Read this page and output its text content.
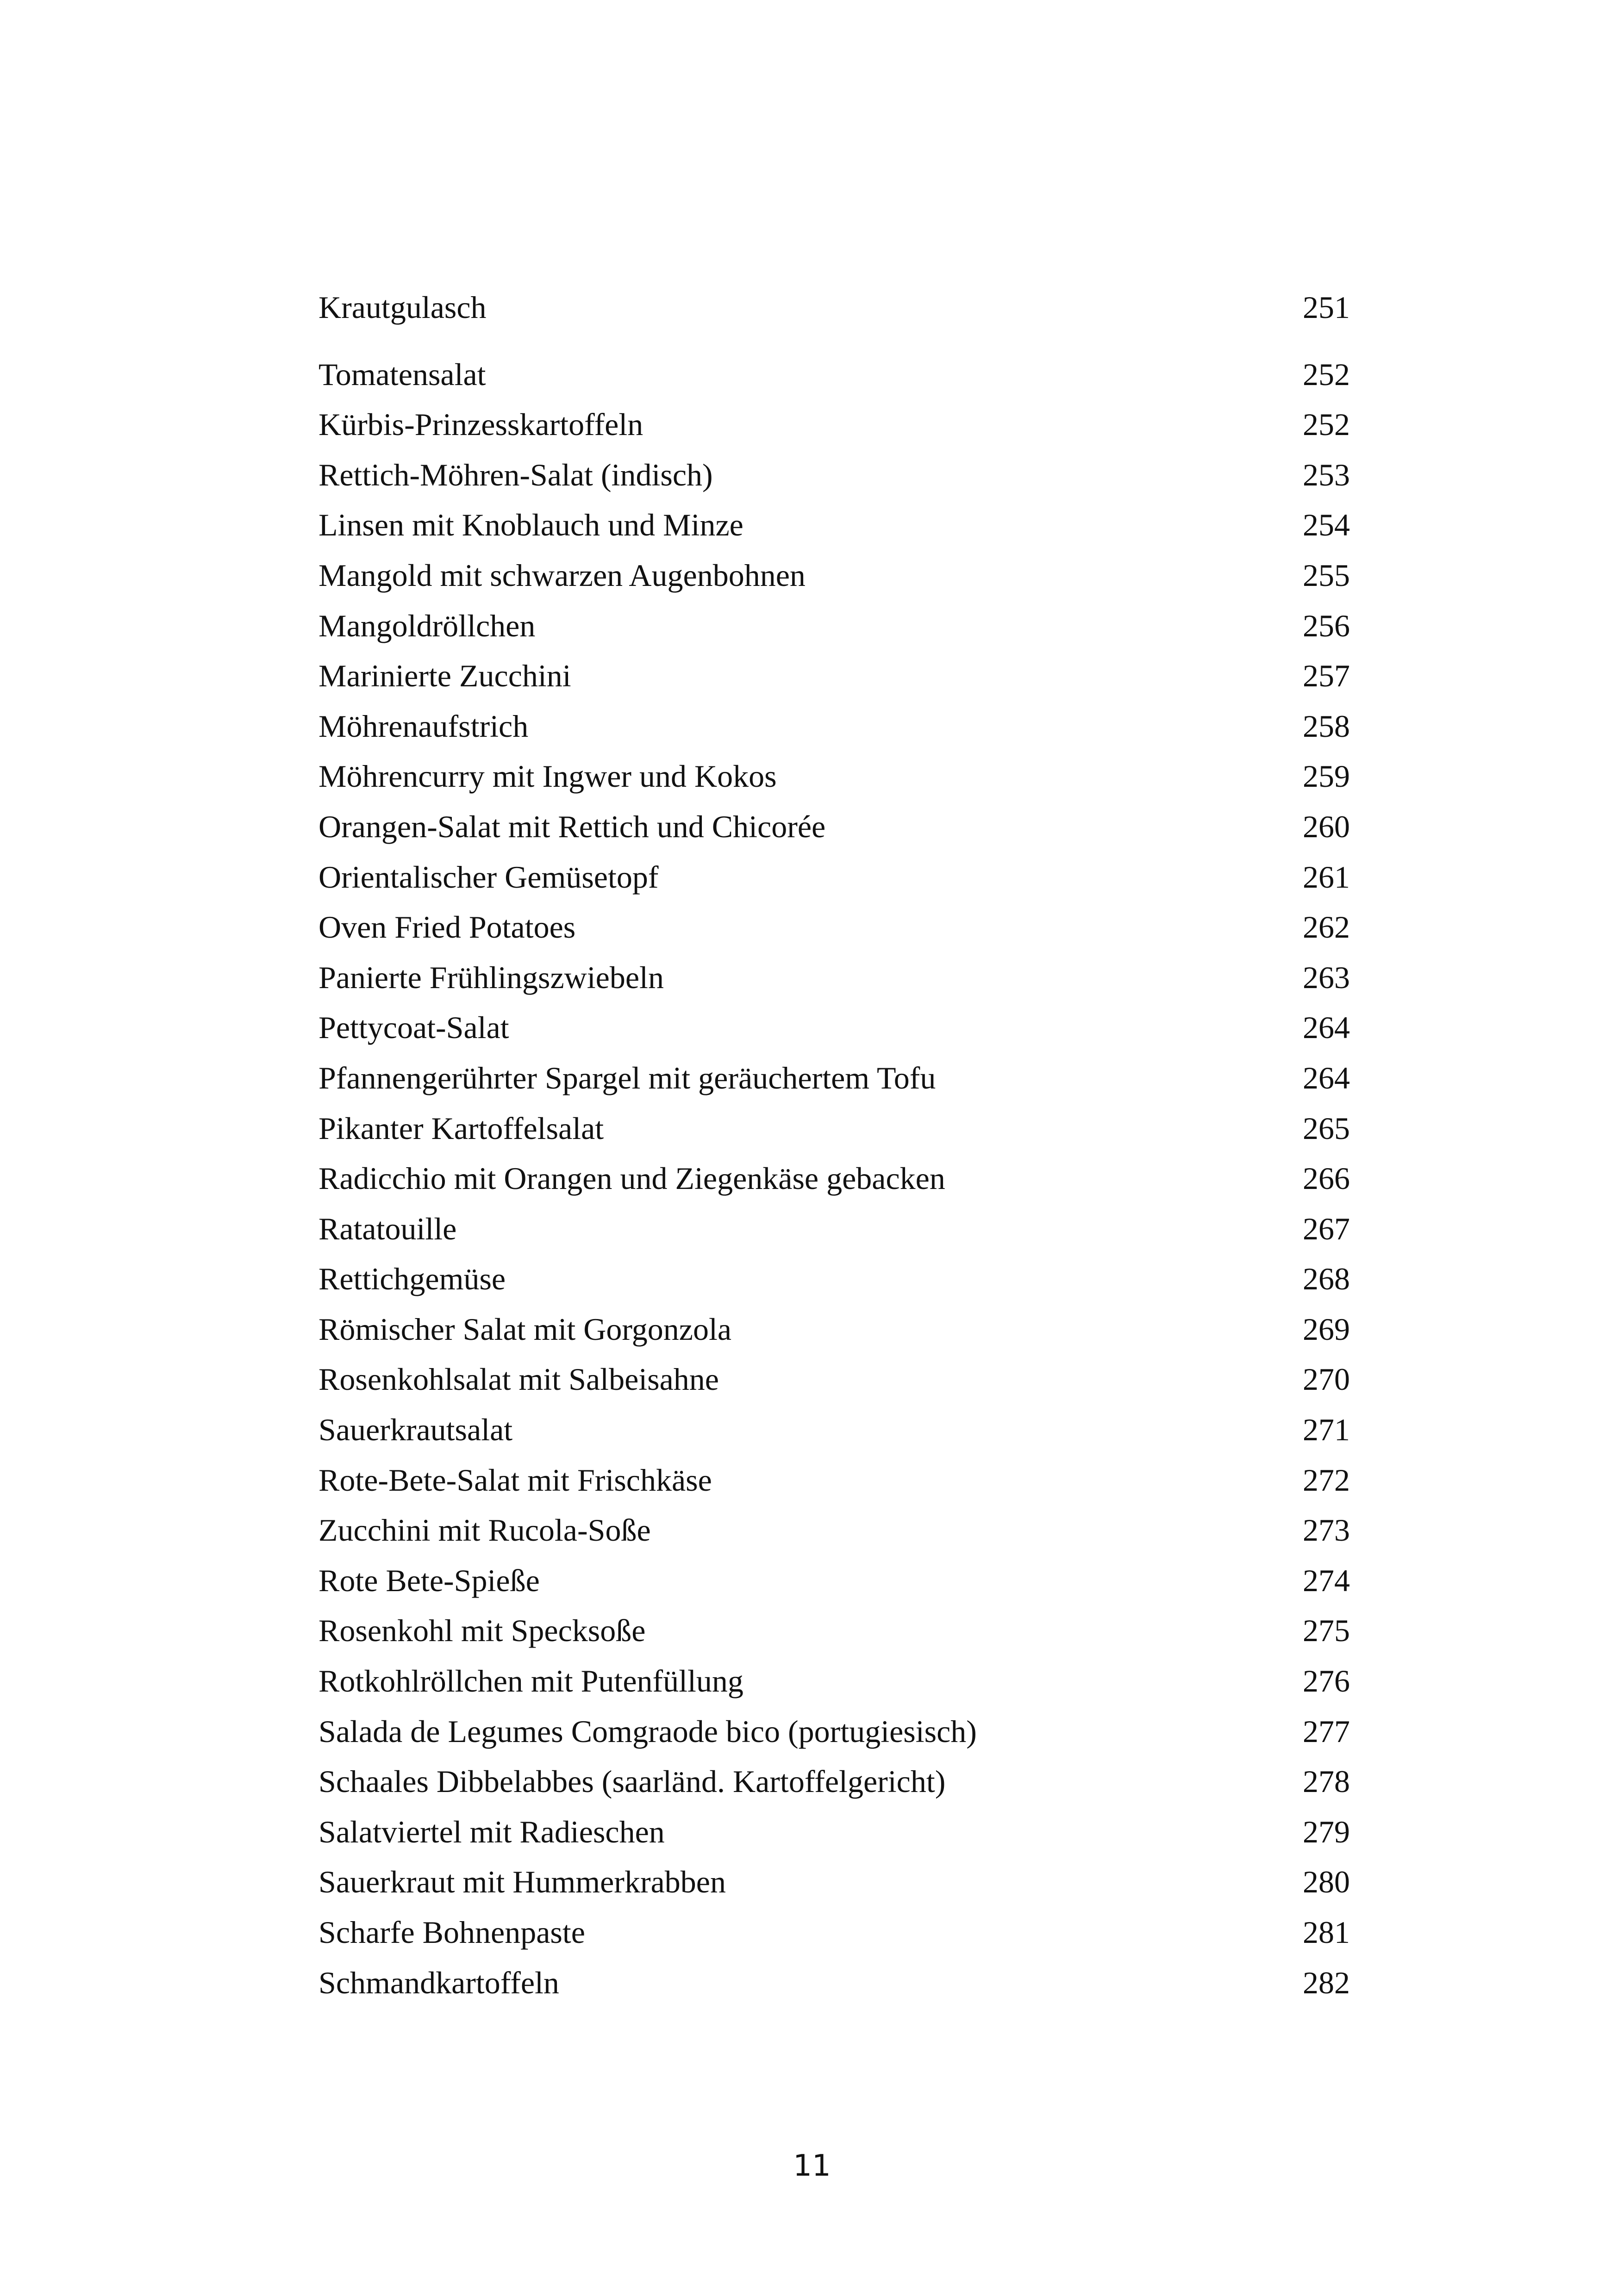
Krautgulasch	251
Tomatensalat	252
Kürbis-Prinzesskartoffeln	252
Rettich-Möhren-Salat (indisch)	253
Linsen mit Knoblauch und Minze	254
Mangold mit schwarzen Augenbohnen	255
Mangoldröllchen	256
Marinierte Zucchini	257
Möhrenaufstrich	258
Möhrencurry mit Ingwer und Kokos	259
Orangen-Salat mit Rettich und Chicorée	260
Orientalischer Gemüsetopf	261
Oven Fried Potatoes	262
Panierte Frühlingszwiebeln	263
Pettycoat-Salat	264
Pfannengerührter Spargel mit geräuchertem Tofu	264
Pikanter Kartoffelsalat	265
Radicchio mit Orangen und Ziegenkäse gebacken	266
Ratatouille	267
Rettichgemüse	268
Römischer Salat mit Gorgonzola	269
Rosenkohlsalat mit Salbeisahne	270
Sauerkrautsalat	271
Rote-Bete-Salat mit Frischkäse	272
Zucchini mit Rucola-Soße	273
Rote Bete-Spieße	274
Rosenkohl mit Specksoße	275
Rotkohlröllchen mit Putenfüllung	276
Salada de Legumes Comgraode bico (portugiesisch)	277
Schaales Dibbelabbes (saarländ. Kartoffelgericht)	278
Salatviertel mit Radieschen	279
Sauerkraut mit Hummerkrabben	280
Scharfe Bohnenpaste	281
Schmandkartoffeln	282
11
